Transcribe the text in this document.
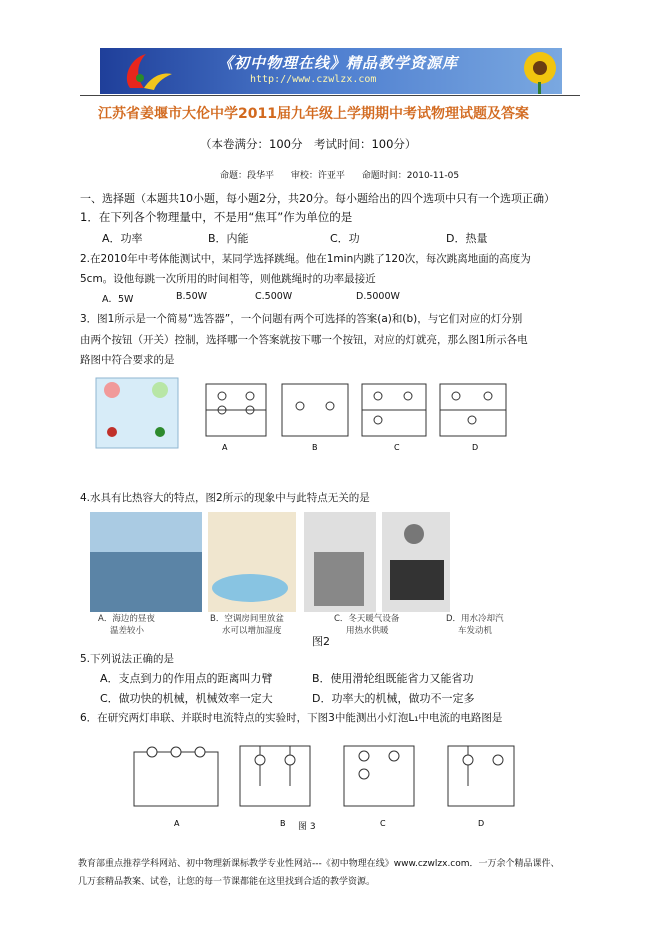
《初中物理在线》精品教学资源库
http://www.czwlzx.com
江苏省姜堰市大伦中学2011届九年级上学期期中考试物理试题及答案
（本卷满分：100分　考试时间：100分）
命题：段华平 审校：许亚平 命题时间：2010-11-05
一、选择题（本题共10小题，每小题2分，共20分。每小题给出的四个选项中只有一个选项正确）
1．在下列各个物理量中，不是用“焦耳”作为单位的是
A．功率	B．内能	C．功	D．热量
2.在2010年中考体能测试中，某同学选择跳绳。他在1min内跳了120次，每次跳离地面的高度为
5cm。设他每跳一次所用的时间相等，则他跳绳时的功率最接近
A．5W	B.50W	C.500W	D.5000W
3．图1所示是一个简易“选答器”，一个问题有两个可选择的答案(a)和(b)，与它们对应的灯分别
由两个按钮（开关）控制，选择哪一个答案就按下哪一个按钮，对应的灯就亮，那么图1所示各电
路图中符合要求的是
A	B	C	D
4.水具有比热容大的特点，图2所示的现象中与此特点无关的是
A．海边的昼夜
温差较小
B．空调房间里放盆
水可以增加湿度
C．冬天暖气设备
用热水供暖
D．用水冷却汽
车发动机
图2
5.下列说法正确的是
A．支点到力的作用点的距离叫力臂	B．使用滑轮组既能省力又能省功
C．做功快的机械，机械效率一定大	D．功率大的机械，做功不一定多
6．在研究两灯串联、并联时电流特点的实验时，下图3中能测出小灯泡L₁中电流的电路图是
A	B	C	D
图 3
教育部重点推荐学科网站、初中物理新课标教学专业性网站---《初中物理在线》www.czwlzx.com．一万余个精品课件、
几万套精品教案、试卷，让您的每一节课都能在这里找到合适的教学资源。
